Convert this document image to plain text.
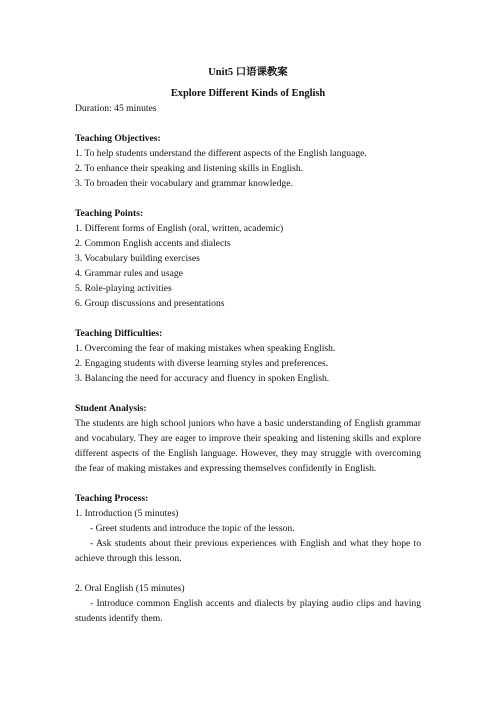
Unit5 口语课教案
Explore Different Kinds of English
Duration: 45 minutes
Teaching Objectives:
1. To help students understand the different aspects of the English language.
2. To enhance their speaking and listening skills in English.
3. To broaden their vocabulary and grammar knowledge.
Teaching Points:
1. Different forms of English (oral, written, academic)
2. Common English accents and dialects
3. Vocabulary building exercises
4. Grammar rules and usage
5. Role-playing activities
6. Group discussions and presentations
Teaching Difficulties:
1. Overcoming the fear of making mistakes when speaking English.
2. Engaging students with diverse learning styles and preferences.
3. Balancing the need for accuracy and fluency in spoken English.
Student Analysis:
The students are high school juniors who have a basic understanding of English grammar and vocabulary. They are eager to improve their speaking and listening skills and explore different aspects of the English language. However, they may struggle with overcoming the fear of making mistakes and expressing themselves confidently in English.
Teaching Process:
1. Introduction (5 minutes)
- Greet students and introduce the topic of the lesson.
- Ask students about their previous experiences with English and what they hope to achieve through this lesson.
2. Oral English (15 minutes)
- Introduce common English accents and dialects by playing audio clips and having students identify them.
